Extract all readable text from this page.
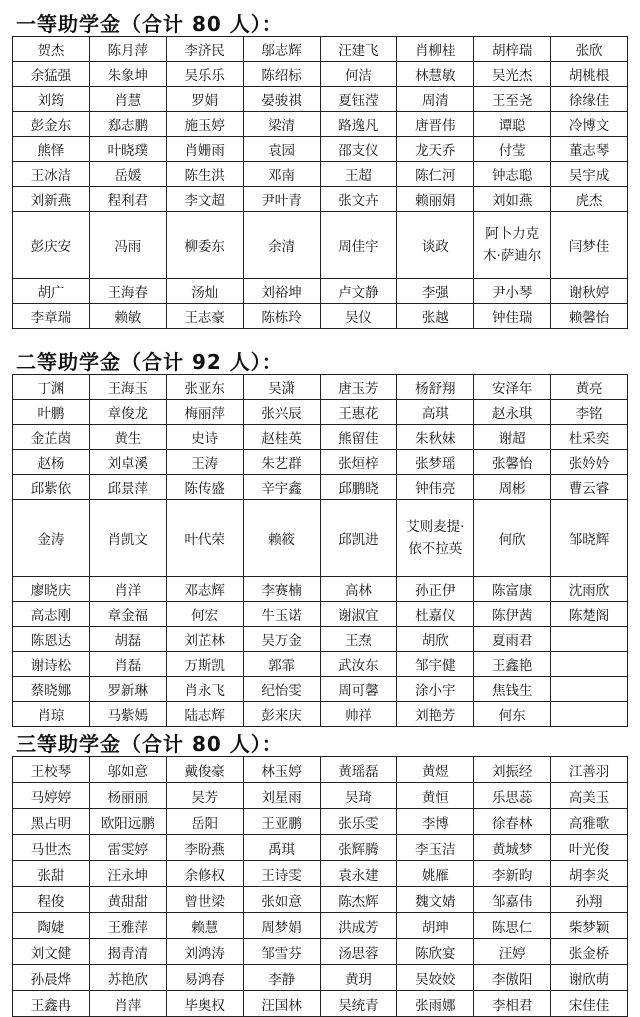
一等助学金（合计 80 人）：
贺杰	陈月萍	李济民	邬志辉	汪建飞	肖柳桂	胡梓瑞	张欣
余猛强	朱象坤	吴乐乐	陈绍标	何洁	林慧敏	吴光杰	胡桃根
刘筠	肖慧	罗娟	晏骏祺	夏钰滢	周清	王至尧	徐缘佳
彭金东	郄志鹏	施玉婷	梁清	路逸凡	唐晋伟	谭聪	冷博文
熊怿	叶晓璞	肖姗雨	袁园	邵支仪	龙天乔	付莹	董志琴
王冰洁	岳媛	陈生洪	邓南	王超	陈仁河	钟志聪	吴宇成
刘新燕	程利君	李文超	尹叶青	张文卉	赖丽娟	刘如燕	虎杰
彭庆安	冯雨	柳委东	余清	周佳宇	谈政	阿卜力克木·萨迪尔	闫梦佳
胡广	王海春	汤灿	刘裕坤	卢文静	李强	尹小琴	谢秋婷
李章瑞	赖敏	王志豪	陈栋玲	吴仪	张越	钟佳瑞	赖馨怡
二等助学金（合计 92 人）：
丁渊	王海玉	张亚东	吴潇	唐玉芳	杨舒翔	安泽年	黄亮
叶鹏	章俊龙	梅丽萍	张兴辰	王惠花	高琪	赵永琪	李铭
金芷茵	黄生	史诗	赵桂英	熊留佳	朱秋妹	谢超	杜采奕
赵杨	刘卓溪	王涛	朱艺群	张烜梓	张梦瑶	张馨怡	张妗妗
邱紫依	邱景萍	陈传盛	辛宇鑫	邱鹏晓	钟伟亮	周彬	曹云睿
金涛	肖凯文	叶代荣	赖筱	邱凯进	艾则麦提·依不拉英	何欣	邹晓辉
廖晓庆	肖洋	邓志辉	李赛楠	高林	孙正伊	陈富康	沈雨欣
高志刚	章金福	何宏	牛玉诺	谢淑宜	杜嘉仪	陈伊茜	陈楚阁
陈恩达	胡磊	刘芷林	吴万金	王焘	胡欣	夏雨君	
谢诗松	肖磊	万斯凯	郭霏	武汝东	邹宇健	王鑫艳	
蔡晓娜	罗新琳	肖永飞	纪怡雯	周可馨	涂小宇	焦钱生	
肖琼	马紫嫣	陆志辉	彭来庆	帅祥	刘艳芳	何东	
三等助学金（合计 80 人）：
王校琴	邬如意	戴俊豪	林玉婷	黄瑶磊	黄煜	刘振经	江善羽
马婷婷	杨丽丽	吴芳	刘星雨	吴琦	黄恒	乐思蕊	高美玉
黑占明	欧阳远鹏	岳阳	王亚鹏	张乐雯	李博	徐春林	高雅歌
马世杰	雷雯婷	李盼燕	禹琪	张辉腾	李玉洁	黄城梦	叶光俊
张甜	汪永坤	余修权	王诗雯	袁永建	姚雁	李新昀	胡李炎
程俊	黄甜甜	曾世梁	张如意	陈杰辉	魏文婧	邹嘉伟	孙翔
陶婕	王雅萍	赖慧	周梦娟	洪成芳	胡珅	陈思仁	柴梦颖
刘文健	揭青清	刘鸿涛	邹雪芬	汤思蓉	陈欣宴	汪婷	张金桥
孙晨烨	苏艳欣	易鸿春	李静	黄玥	吴姣姣	李傲阳	谢欣萌
王鑫冉	肖萍	毕奥权	汪国林	吴统青	张雨娜	李相君	宋佳佳
